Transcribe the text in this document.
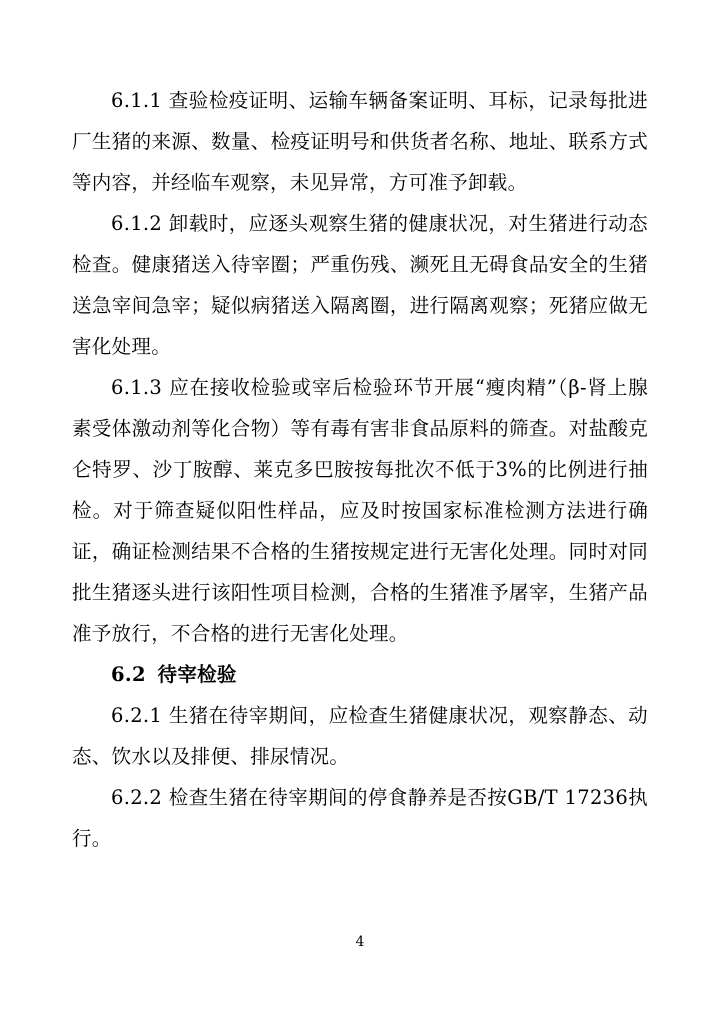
6.1.1 查验检疫证明、运输车辆备案证明、耳标，记录每批进厂生猪的来源、数量、检疫证明号和供货者名称、地址、联系方式等内容，并经临车观察，未见异常，方可准予卸载。

6.1.2 卸载时，应逐头观察生猪的健康状况，对生猪进行动态检查。健康猪送入待宰圈；严重伤残、濒死且无碍食品安全的生猪送急宰间急宰；疑似病猪送入隔离圈，进行隔离观察；死猪应做无害化处理。

6.1.3 应在接收检验或宰后检验环节开展“瘦肉精”（β-肾上腺素受体激动剂等化合物）等有毒有害非食品原料的筛查。对盐酸克仑特罗、沙丁胺醇、莱克多巴胺按每批次不低于3%的比例进行抽检。对于筛查疑似阳性样品，应及时按国家标准检测方法进行确证，确证检测结果不合格的生猪按规定进行无害化处理。同时对同批生猪逐头进行该阳性项目检测，合格的生猪准予屠宰，生猪产品准予放行，不合格的进行无害化处理。

6.2 待宰检验

6.2.1 生猪在待宰期间，应检查生猪健康状况，观察静态、动态、饮水以及排便、排尿情况。

6.2.2 检查生猪在待宰期间的停食静养是否按GB/T 17236执行。

4
